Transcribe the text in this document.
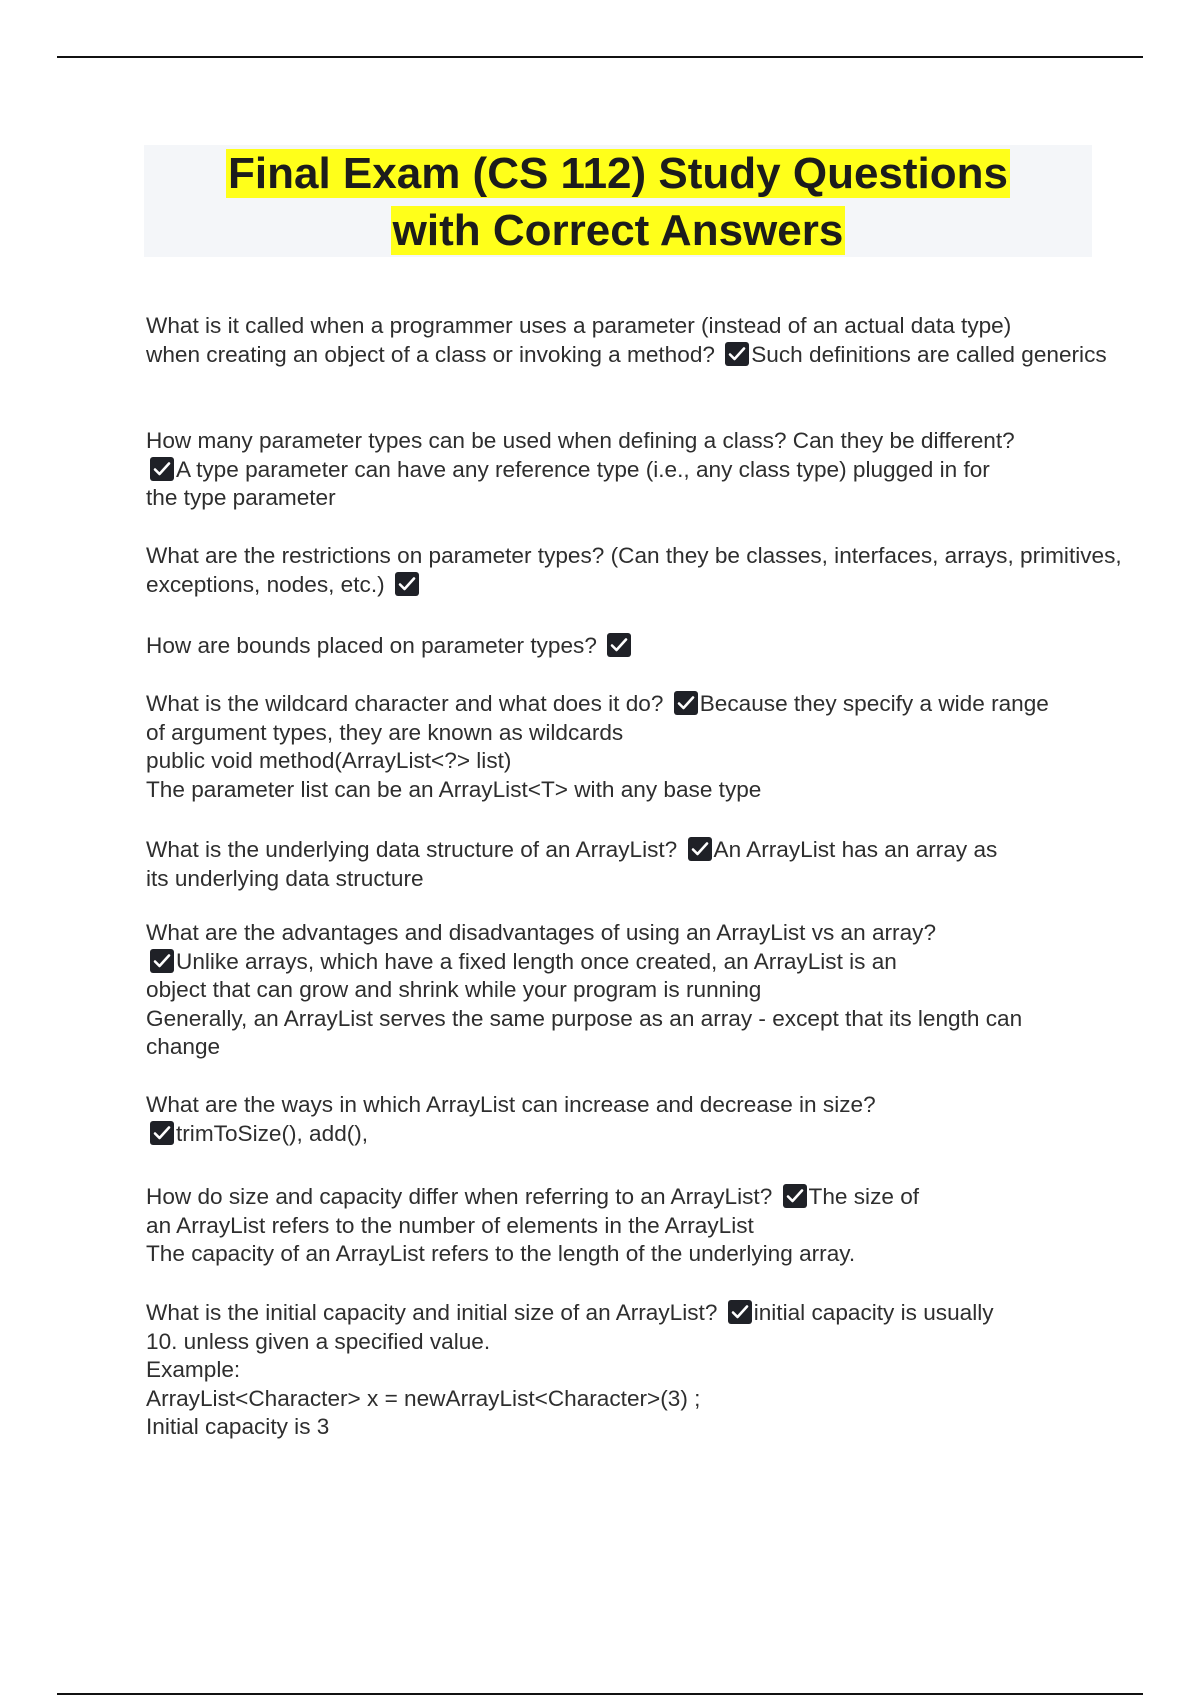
Final Exam (CS 112) Study Questions
with Correct Answers

What is it called when a programmer uses a parameter (instead of an actual data type)
when creating an object of a class or invoking a method?
Such definitions are called generics

How many parameter types can be used when defining a class? Can they be different?
A type parameter can have any reference type (i.e., any class type) plugged in for
the type parameter

What are the restrictions on parameter types? (Can they be classes, interfaces, arrays, primitives,
exceptions, nodes, etc.)

How are bounds placed on parameter types?

What is the wildcard character and what does it do?
Because they specify a wide range
of argument types, they are known as wildcards
public void method(ArrayList<?> list)
The parameter list can be an ArrayList<T> with any base type

What is the underlying data structure of an ArrayList?
An ArrayList has an array as
its underlying data structure

What are the advantages and disadvantages of using an ArrayList vs an array?
Unlike arrays, which have a fixed length once created, an ArrayList is an
object that can grow and shrink while your program is running
Generally, an ArrayList serves the same purpose as an array - except that its length can
change

What are the ways in which ArrayList can increase and decrease in size?
trimToSize(), add(),

How do size and capacity differ when referring to an ArrayList?
The size of
an ArrayList refers to the number of elements in the ArrayList
The capacity of an ArrayList refers to the length of the underlying array.

What is the initial capacity and initial size of an ArrayList?
initial capacity is usually
10. unless given a specified value.
Example:
ArrayList<Character> x = newArrayList<Character>(3) ;
Initial capacity is 3
